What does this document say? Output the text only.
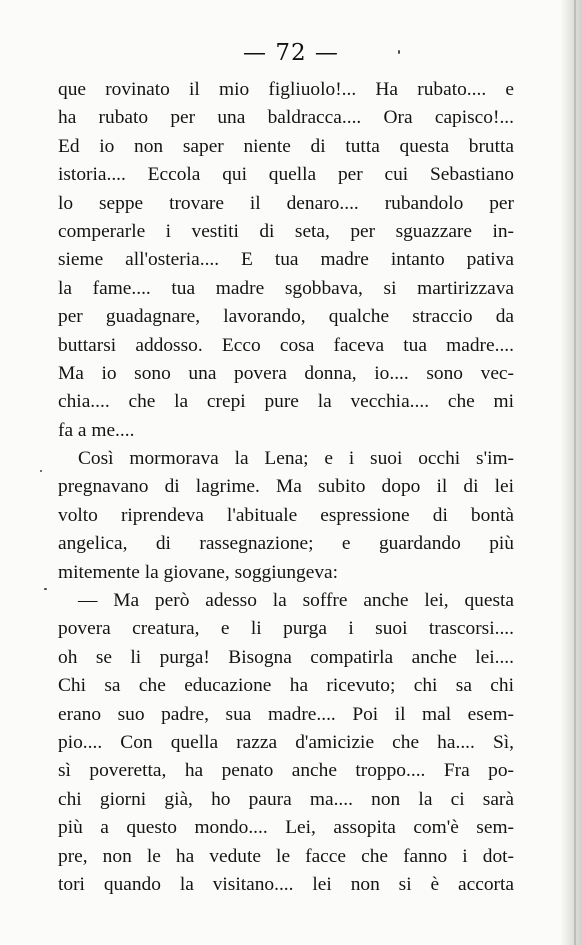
— 72 —
que rovinato il mio figliuolo!... Ha rubato.... e
ha rubato per una baldracca.... Ora capisco!...
Ed io non saper niente di tutta questa brutta
istoria.... Eccola qui quella per cui Sebastiano
lo seppe trovare il denaro.... rubandolo per
comperarle i vestiti di seta, per sguazzare in-
sieme all'osteria.... E tua madre intanto pativa
la fame.... tua madre sgobbava, si martirizzava
per guadagnare, lavorando, qualche straccio da
buttarsi addosso. Ecco cosa faceva tua madre....
Ma io sono una povera donna, io.... sono vec-
chia.... che la crepi pure la vecchia.... che mi
fa a me....
Così mormorava la Lena; e i suoi occhi s'im-
pregnavano di lagrime. Ma subito dopo il di lei
volto riprendeva l'abituale espressione di bontà
angelica, di rassegnazione; e guardando più
mitemente la giovane, soggiungeva:
— Ma però adesso la soffre anche lei, questa
povera creatura, e li purga i suoi trascorsi....
oh se li purga! Bisogna compatirla anche lei....
Chi sa che educazione ha ricevuto; chi sa chi
erano suo padre, sua madre.... Poi il mal esem-
pio.... Con quella razza d'amicizie che ha.... Sì,
sì poveretta, ha penato anche troppo.... Fra po-
chi giorni già, ho paura ma.... non la ci sarà
più a questo mondo.... Lei, assopita com'è sem-
pre, non le ha vedute le facce che fanno i dot-
tori quando la visitano.... lei non si è accorta
